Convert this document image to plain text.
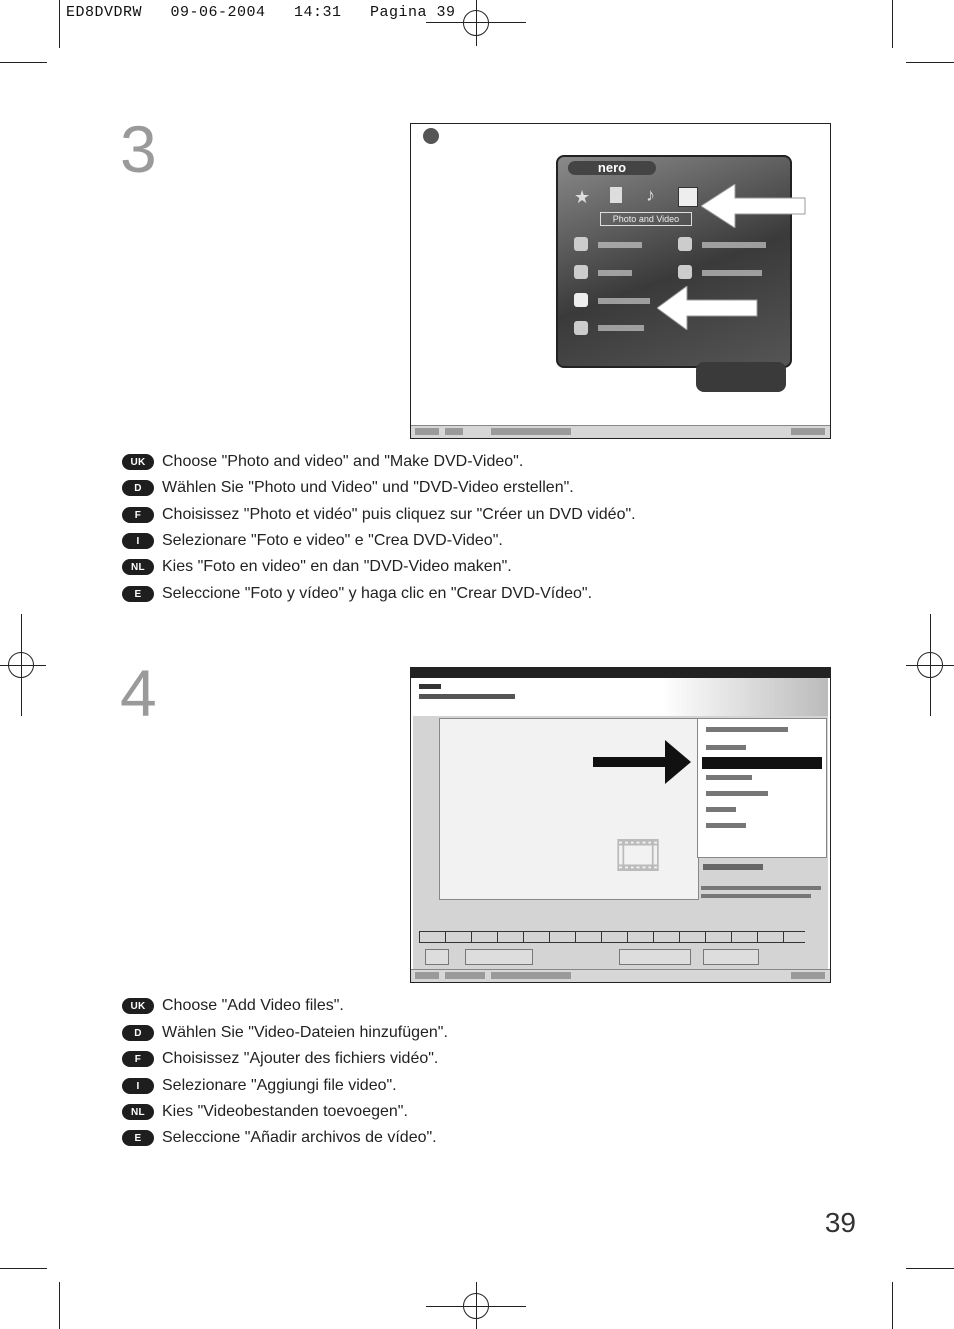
ED8DVDRW   09-06-2004   14:31   Pagina 39
3	nero
★	♪
Photo and Video
UK	Choose "Photo and video" and "Make DVD-Video".
D	Wählen Sie "Photo und Video" und "DVD-Video erstellen".
F	Choisissez "Photo et vidéo" puis cliquez sur "Créer un DVD vidéo".
I	Selezionare "Foto e video" e "Crea DVD-Video".
NL	Kies "Foto en video" en dan "DVD-Video maken".
E	Seleccione "Foto y vídeo" y haga clic en "Crear DVD-Vídeo".
4
🎞
UK	Choose "Add Video files".
D	Wählen Sie "Video-Dateien hinzufügen".
F	Choisissez "Ajouter des fichiers vidéo".
I	Selezionare "Aggiungi file video".
NL	Kies "Videobestanden toevoegen".
E	Seleccione "Añadir archivos de vídeo".
39
